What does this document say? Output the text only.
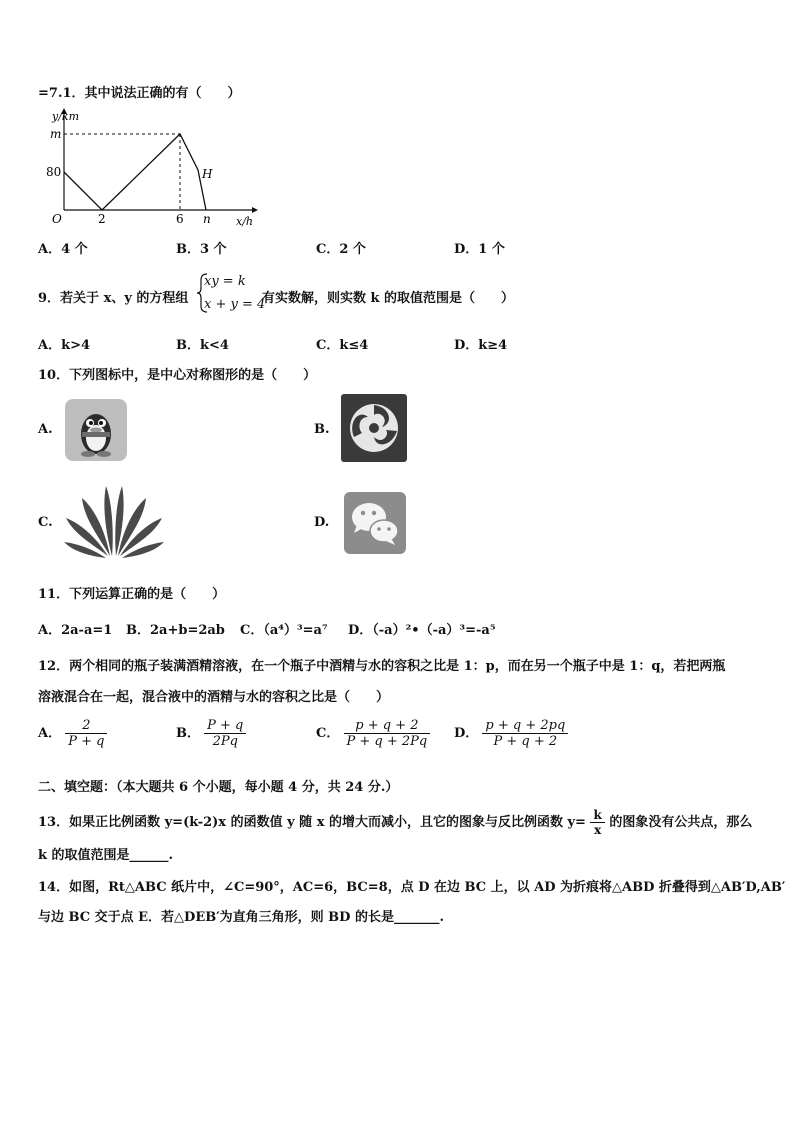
=7.1．其中说法正确的有（　　）
y/km
m
80
O	2	6 n
H
x/h
A．4 个	B．3 个	C．2 个	D．1 个
9．若关于 x、y 的方程组
xy = k
x + y = 4
有实数解，则实数 k 的取值范围是（　　）
A．k>4	B．k<4	C．k≤4	D．k≥4
10．下列图标中，是中心对称图形的是（　　）
A.	B.
C.	D.
11．下列运算正确的是（　　）
A．2a-a=1 B．2a+b=2ab C．（a⁴）³=a⁷ D．（-a）²•（-a）³=-a⁵
12．两个相同的瓶子装满酒精溶液，在一个瓶子中酒精与水的容积之比是 1：p，而在另一个瓶子中是 1：q，若把两瓶
溶液混合在一起，混合液中的酒精与水的容积之比是（　　）
A． $\frac{2}{P + q}$	B． $\frac{P + q}{2Pq}$	C． $\frac{p + q + 2}{P + q + 2Pq}$ D． $\frac{p + q + 2pq}{P + q + 2}$
二、填空题：（本大题共 6 个小题，每小题 4 分，共 24 分.）
13．如果正比例函数 y=(k-2)x 的函数值 y 随 x 的增大而减小，且它的图象与反比例函数 $y= \frac{k}{x}$ 的图象没有公共点，那么
k 的取值范围是______.
14．如图，Rt△ABC 纸片中，∠C=90°，AC=6，BC=8，点 D 在边 BC 上，以 AD 为折痕将△ABD 折叠得到△AB′D,AB′
与边 BC 交于点 E．若△DEB′为直角三角形，则 BD 的长是_______.
